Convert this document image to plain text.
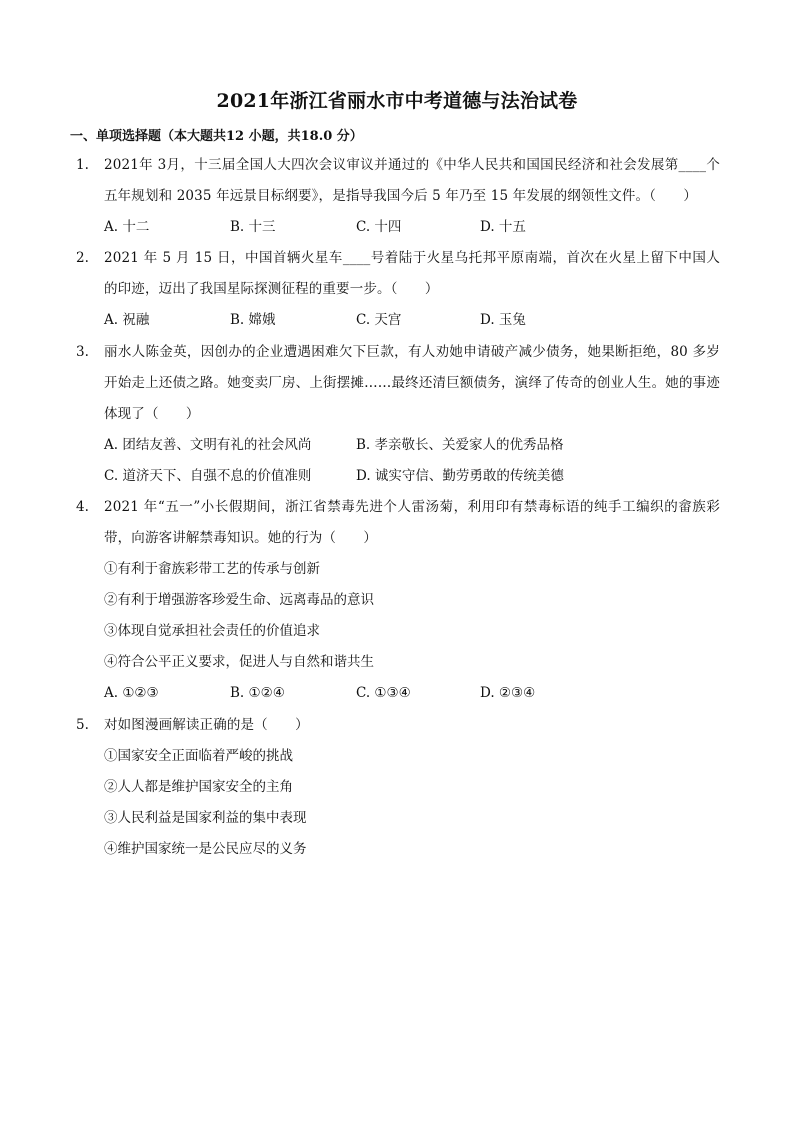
2021年浙江省丽水市中考道德与法治试卷
一、单项选择题（本大题共12 小题，共18.0 分）
1. 2021年 3月，十三届全国人大四次会议审议并通过的《中华人民共和国国民经济和社会发展第____个五年规划和 2035 年远景目标纲要》，是指导我国今后 5 年乃至 15 年发展的纲领性文件。（　　）
A. 十二	B. 十三	C. 十四	D. 十五
2. 2021 年 5 月 15 日，中国首辆火星车____号着陆于火星乌托邦平原南端，首次在火星上留下中国人的印迹，迈出了我国星际探测征程的重要一步。（　　）
A. 祝融	B. 嫦娥	C. 天宫	D. 玉兔
3. 丽水人陈金英，因创办的企业遭遇困难欠下巨款，有人劝她申请破产减少债务，她果断拒绝，80 多岁开始走上还债之路。她变卖厂房、上街摆摊……最终还清巨额债务，演绎了传奇的创业人生。她的事迹体现了（　　）
A. 团结友善、文明有礼的社会风尚	B. 孝亲敬长、关爱家人的优秀品格
C. 道济天下、自强不息的价值准则	D. 诚实守信、勤劳勇敢的传统美德
4. 2021 年“五一”小长假期间，浙江省禁毒先进个人雷汤菊，利用印有禁毒标语的纯手工编织的畲族彩带，向游客讲解禁毒知识。她的行为（　　）
①有利于畲族彩带工艺的传承与创新
②有利于增强游客珍爱生命、远离毒品的意识
③体现自觉承担社会责任的价值追求
④符合公平正义要求，促进人与自然和谐共生
A. ①②③	B. ①②④	C. ①③④	D. ②③④
5. 对如图漫画解读正确的是（　　）
①国家安全正面临着严峻的挑战
②人人都是维护国家安全的主角
③人民利益是国家利益的集中表现
④维护国家统一是公民应尽的义务
